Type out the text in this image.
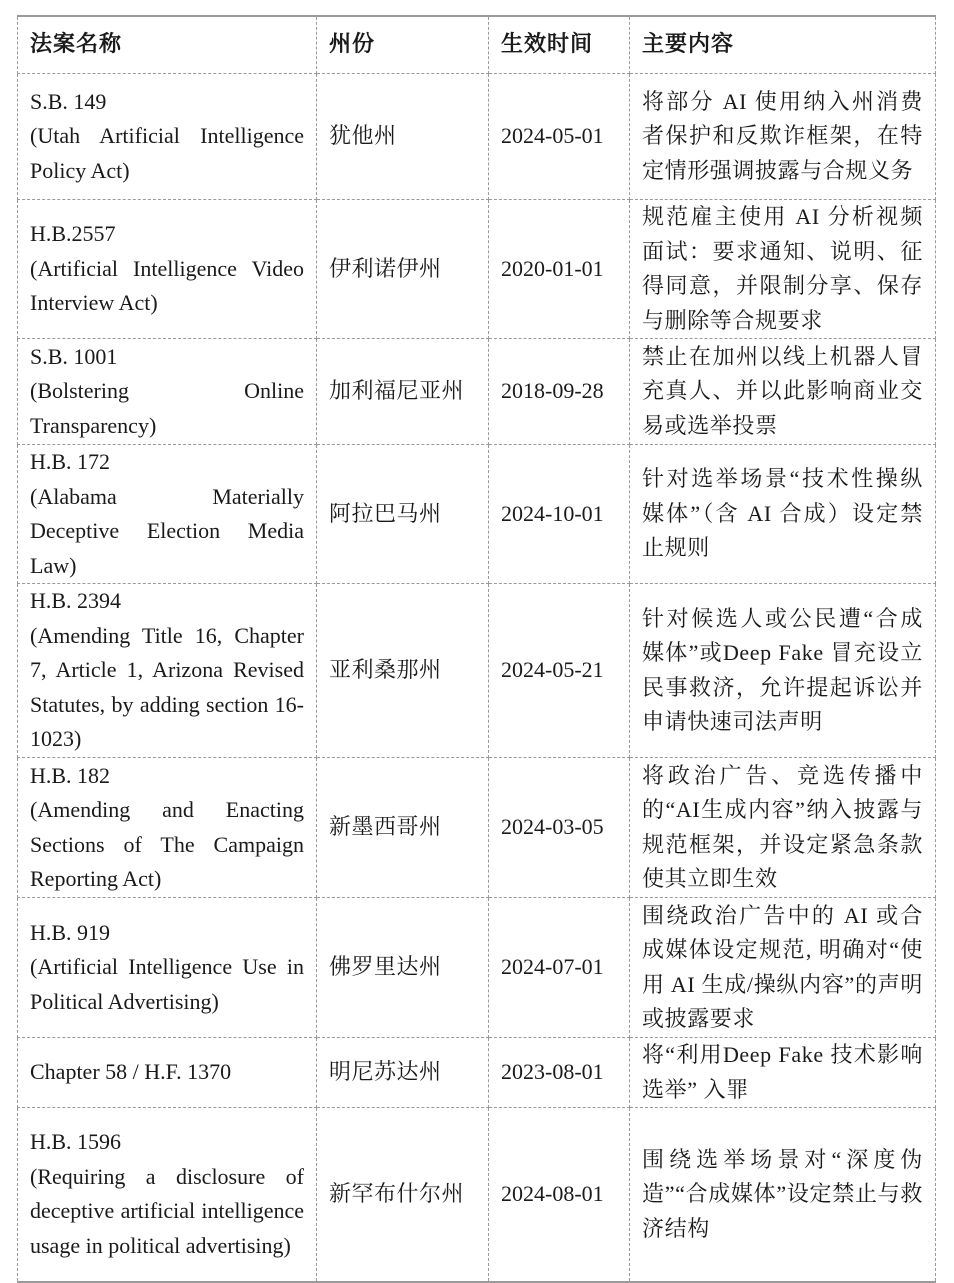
法案名称	州份	生效时间	主要内容

S.B. 149
(Utah Artificial Intelligence Policy Act)	犹他州	2024-05-01	将部分 AI 使用纳入州消费者保护和反欺诈框架，在特定情形强调披露与合规义务

H.B.2557
(Artificial Intelligence Video Interview Act)	伊利诺伊州	2020-01-01	规范雇主使用 AI 分析视频面试：要求通知、说明、征得同意，并限制分享、保存与删除等合规要求

S.B. 1001
(Bolstering Online Transparency)	加利福尼亚州	2018-09-28	禁止在加州以线上机器人冒充真人、并以此影响商业交易或选举投票

H.B. 172
(Alabama Materially Deceptive Election Media Law)	阿拉巴马州	2024-10-01	针对选举场景“技术性操纵媒体”（含 AI 合成）设定禁止规则

H.B. 2394
(Amending Title 16, Chapter 7, Article 1, Arizona Revised Statutes, by adding section 16-1023)	亚利桑那州	2024-05-21	针对候选人或公民遭“合成媒体”或Deep Fake 冒充设立民事救济，允许提起诉讼并申请快速司法声明

H.B. 182
(Amending and Enacting Sections of The Campaign Reporting Act)	新墨西哥州	2024-03-05	将政治广告、竞选传播中的“AI生成内容”纳入披露与规范框架，并设定紧急条款使其立即生效

H.B. 919
(Artificial Intelligence Use in Political Advertising)	佛罗里达州	2024-07-01	围绕政治广告中的 AI 或合成媒体设定规范, 明确对“使用 AI 生成/操纵内容”的声明或披露要求

Chapter 58 / H.F. 1370	明尼苏达州	2023-08-01	将“利用Deep Fake 技术影响选举” 入罪

H.B. 1596
(Requiring a disclosure of deceptive artificial intelligence usage in political advertising)	新罕布什尔州	2024-08-01	围绕选举场景对“深度伪造”“合成媒体”设定禁止与救济结构
